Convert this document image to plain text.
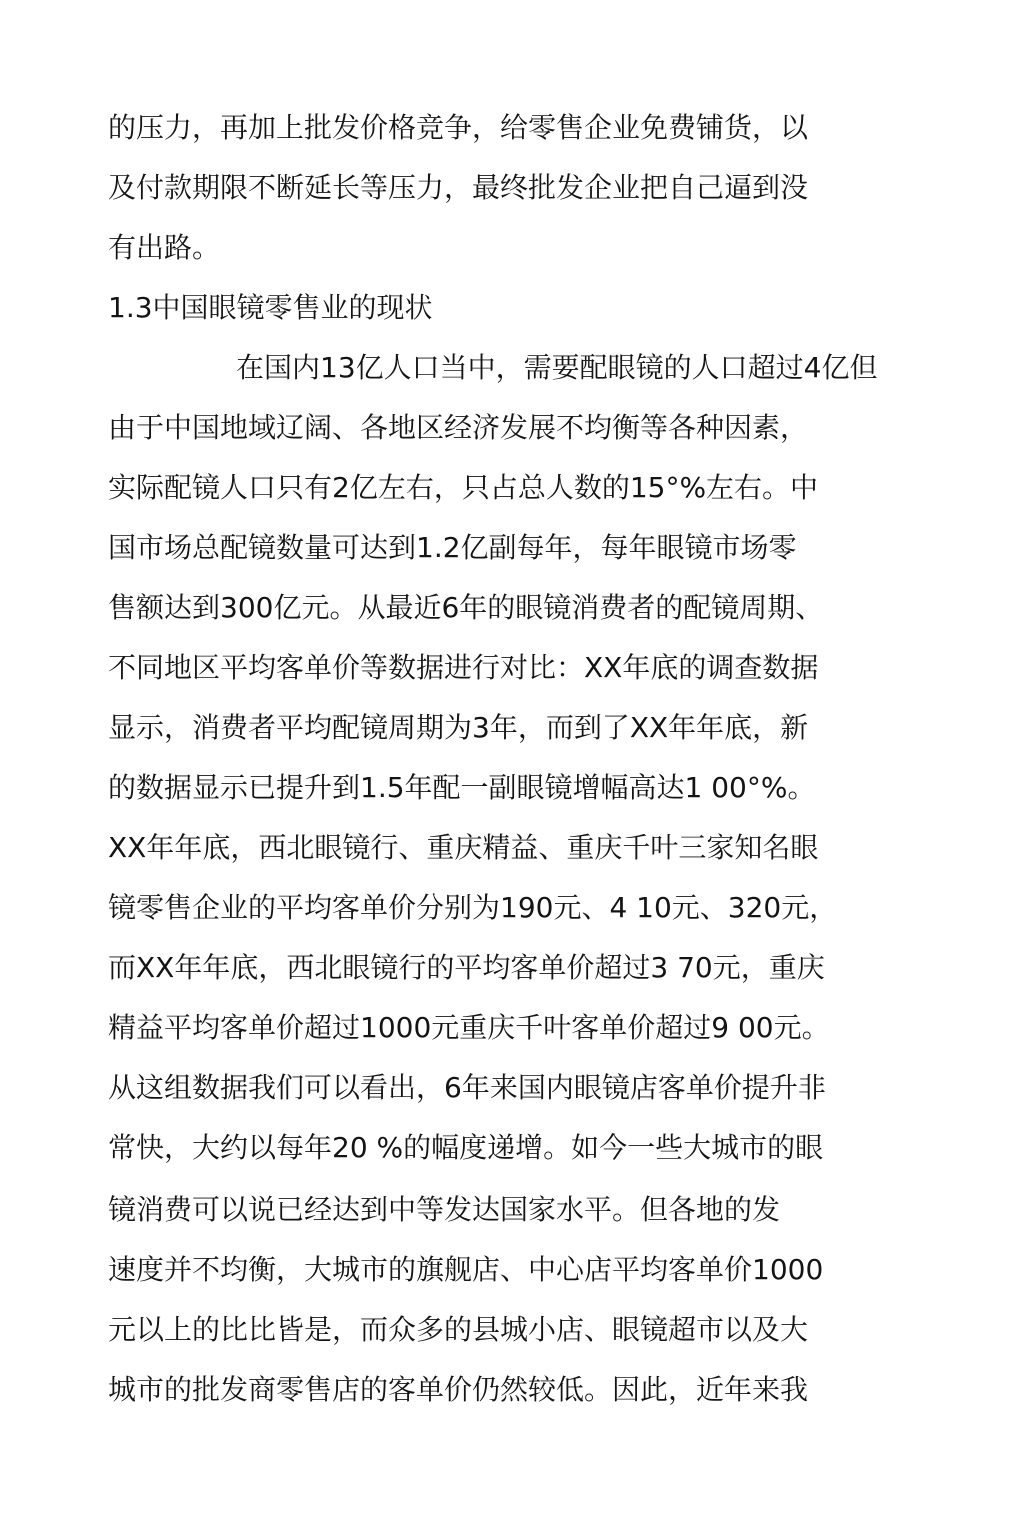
的压力，再加上批发价格竞争，给零售企业免费铺货，以
及付款期限不断延长等压力，最终批发企业把自己逼到没
有出路。
1.3中国眼镜零售业的现状
在国内13亿人口当中，需要配眼镜的人口超过4亿但
由于中国地域辽阔、各地区经济发展不均衡等各种因素，
实际配镜人口只有2亿左右，只占总人数的15°%左右。中
国市场总配镜数量可达到1.2亿副每年，每年眼镜市场零
售额达到300亿元。从最近6年的眼镜消费者的配镜周期、
不同地区平均客单价等数据进行对比：XX年底的调查数据
显示，消费者平均配镜周期为3年，而到了XX年年底，新
的数据显示已提升到1.5年配一副眼镜增幅高达1 00°%。
XX年年底，西北眼镜行、重庆精益、重庆千叶三家知名眼
镜零售企业的平均客单价分别为190元、4 10元、320元，
而XX年年底，西北眼镜行的平均客单价超过3 70元，重庆
精益平均客单价超过1000元重庆千叶客单价超过9 00元。
从这组数据我们可以看出，6年来国内眼镜店客单价提升非
常快，大约以每年20 %的幅度递增。如今一些大城市的眼
镜消费可以说已经达到中等发达国家水平。但各地的发
速度并不均衡，大城市的旗舰店、中心店平均客单价1000
元以上的比比皆是，而众多的县城小店、眼镜超市以及大
城市的批发商零售店的客单价仍然较低。因此，近年来我
